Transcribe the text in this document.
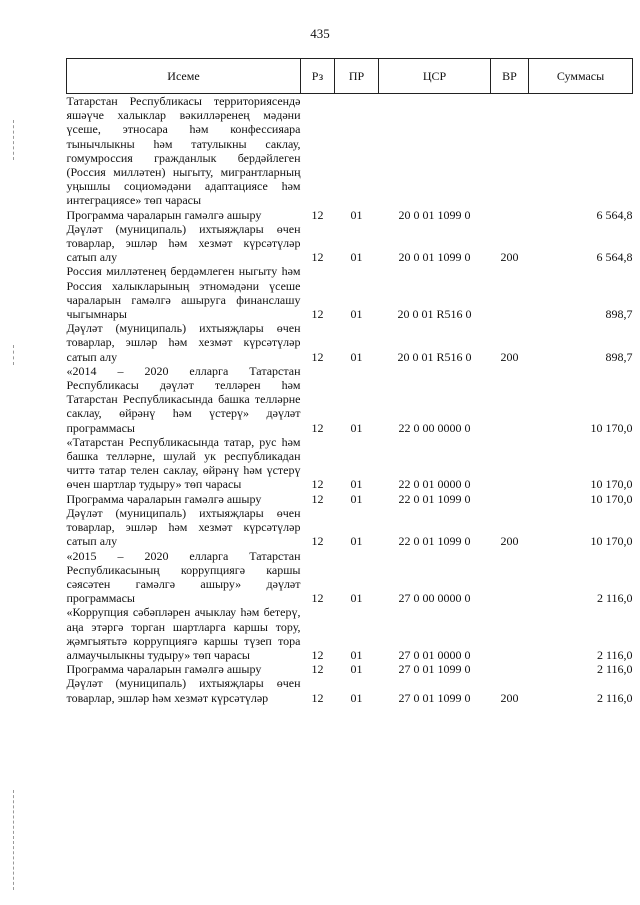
435
Исеме	Рз	ПР	ЦСР	ВР	Суммасы
Татарстан Республикасы территориясендә яшәүче халыклар вәкилләренең мәдәни үсеше, этносара һәм конфессияара тынычлыкны һәм татулыкны саклау, гомумроссия гражданлык бердәйлеген (Россия милләтен) ныгыту, мигрантларның уңышлы социомәдәни адаптациясе һәм интеграциясе» төп чарасы					
Программа чараларын гамәлгә ашыру	12	01	20 0 01 1099 0		6 564,8
Дәүләт (муниципаль) ихтыяҗлары өчен товарлар, эшләр һәм хезмәт күрсәтүләр сатып алу	12	01	20 0 01 1099 0	200	6 564,8
Россия милләтенең бердәмлеген ныгыту һәм Россия халыкларының этномәдәни үсеше чараларын гамәлгә ашыруга финанслашу чыгымнары	12	01	20 0 01 R516 0		898,7
Дәүләт (муниципаль) ихтыяҗлары өчен товарлар, эшләр һәм хезмәт күрсәтүләр сатып алу	12	01	20 0 01 R516 0	200	898,7
«2014 – 2020 елларга Татарстан Республикасы дәүләт телләрен һәм Татарстан Республикасында башка телләрне саклау, өйрәнү һәм үстерү» дәүләт программасы	12	01	22 0 00 0000 0		10 170,0
«Татарстан Республикасында татар, рус һәм башка телләрне, шулай ук республикадан читтә татар телен саклау, өйрәнү һәм үстерү өчен шартлар тудыру» төп чарасы	12	01	22 0 01 0000 0		10 170,0
Программа чараларын гамәлгә ашыру	12	01	22 0 01 1099 0		10 170,0
Дәүләт (муниципаль) ихтыяҗлары өчен товарлар, эшләр һәм хезмәт күрсәтүләр сатып алу	12	01	22 0 01 1099 0	200	10 170,0
«2015 – 2020 елларга Татарстан Республикасының коррупциягә каршы сәясәтен гамәлгә ашыру» дәүләт программасы	12	01	27 0 00 0000 0		2 116,0
«Коррупция сәбәпләрен ачыклау һәм бетерү, аңа этәргә торган шартларга каршы тору, җәмгыятьтә коррупциягә каршы түзеп тора алмаучылыкны тудыру» төп чарасы	12	01	27 0 01 0000 0		2 116,0
Программа чараларын гамәлгә ашыру	12	01	27 0 01 1099 0		2 116,0
Дәүләт (муниципаль) ихтыяҗлары өчен товарлар, эшләр һәм хезмәт күрсәтүләр	12	01	27 0 01 1099 0	200	2 116,0
